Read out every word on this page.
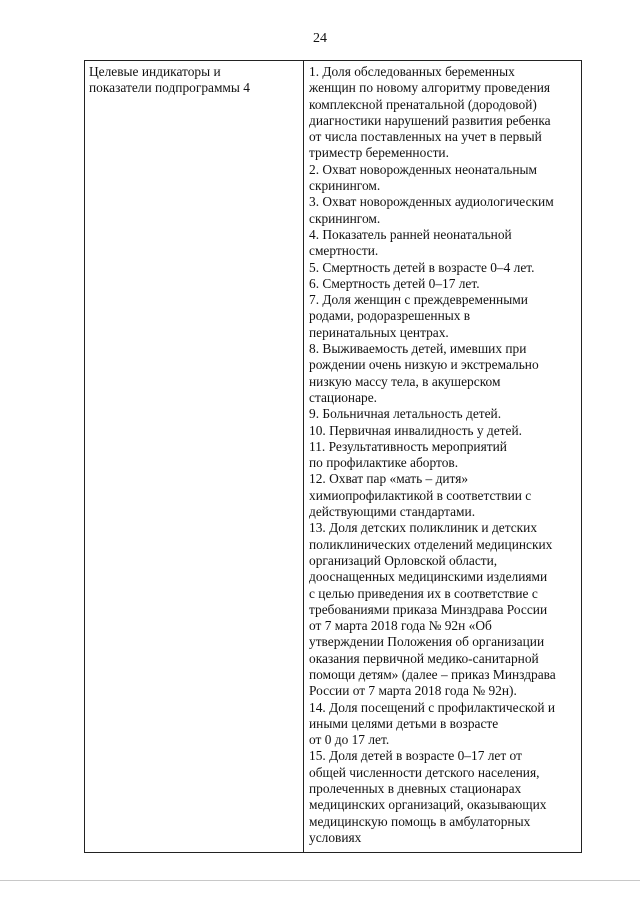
24
Целевые индикаторы и
показатели подпрограммы 4
1. Доля обследованных беременных
женщин по новому алгоритму проведения
комплексной пренатальной (дородовой)
диагностики нарушений развития ребенка
от числа поставленных на учет в первый
триместр беременности.
2. Охват новорожденных неонатальным
скринингом.
3. Охват новорожденных аудиологическим
скринингом.
4. Показатель ранней неонатальной
смертности.
5. Смертность детей в возрасте 0–4 лет.
6. Смертность детей 0–17 лет.
7. Доля женщин с преждевременными
родами, родоразрешенных в
перинатальных центрах.
8. Выживаемость детей, имевших при
рождении очень низкую и экстремально
низкую массу тела, в акушерском
стационаре.
9. Больничная летальность детей.
10. Первичная инвалидность у детей.
11. Результативность мероприятий
по профилактике абортов.
12. Охват пар «мать – дитя»
химиопрофилактикой в соответствии с
действующими стандартами.
13. Доля детских поликлиник и детских
поликлинических отделений медицинских
организаций Орловской области,
дооснащенных медицинскими изделиями
с целью приведения их в соответствие с
требованиями приказа Минздрава России
от 7 марта 2018 года № 92н «Об
утверждении Положения об организации
оказания первичной медико-санитарной
помощи детям» (далее – приказ Минздрава
России от 7 марта 2018 года № 92н).
14. Доля посещений с профилактической и
иными целями детьми в возрасте
от 0 до 17 лет.
15. Доля детей в возрасте 0–17 лет от
общей численности детского населения,
пролеченных в дневных стационарах
медицинских организаций, оказывающих
медицинскую помощь в амбулаторных
условиях
